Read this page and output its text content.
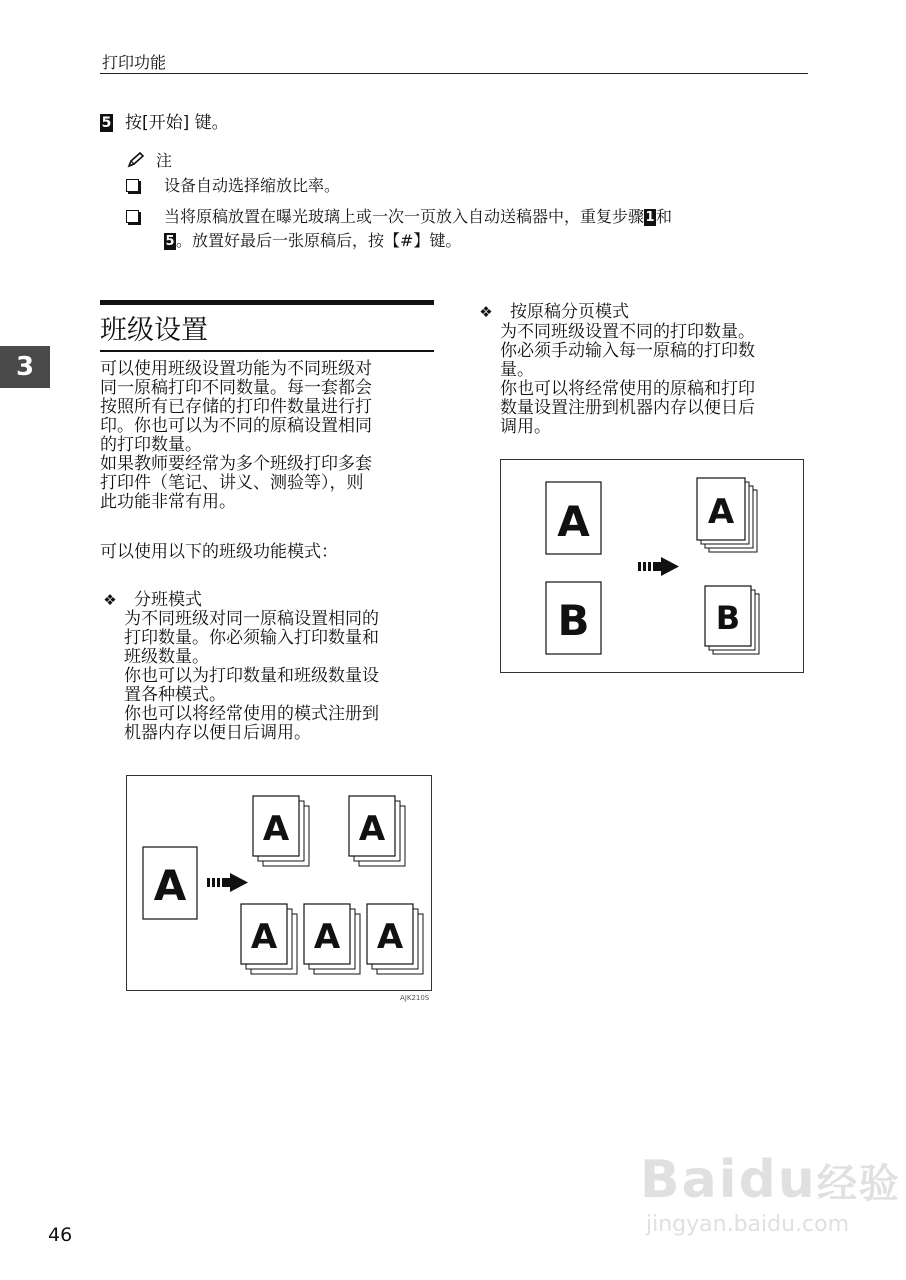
打印功能
5 按[开始] 键。
注
设备自动选择缩放比率。
当将原稿放置在曝光玻璃上或一次一页放入自动送稿器中，重复步骤1和
5。放置好最后一张原稿后，按【#】键。
3
班级设置
可以使用班级设置功能为不同班级对
同一原稿打印不同数量。每一套都会
按照所有已存储的打印件数量进行打
印。你也可以为不同的原稿设置相同
的打印数量。
如果教师要经常为多个班级打印多套
打印件（笔记、讲义、测验等），则
此功能非常有用。
可以使用以下的班级功能模式：
❖ 分班模式
为不同班级对同一原稿设置相同的
打印数量。你必须输入打印数量和
班级数量。
你也可以为打印数量和班级数量设
置各种模式。
你也可以将经常使用的模式注册到
机器内存以便日后调用。
A
A A
A A A
AJK210S
❖ 按原稿分页模式
为不同班级设置不同的打印数量。
你必须手动输入每一原稿的打印数
量。
你也可以将经常使用的原稿和打印
数量设置注册到机器内存以便日后
调用。
A
B
A
B
Baidu经验
jingyan.baidu.com
46
